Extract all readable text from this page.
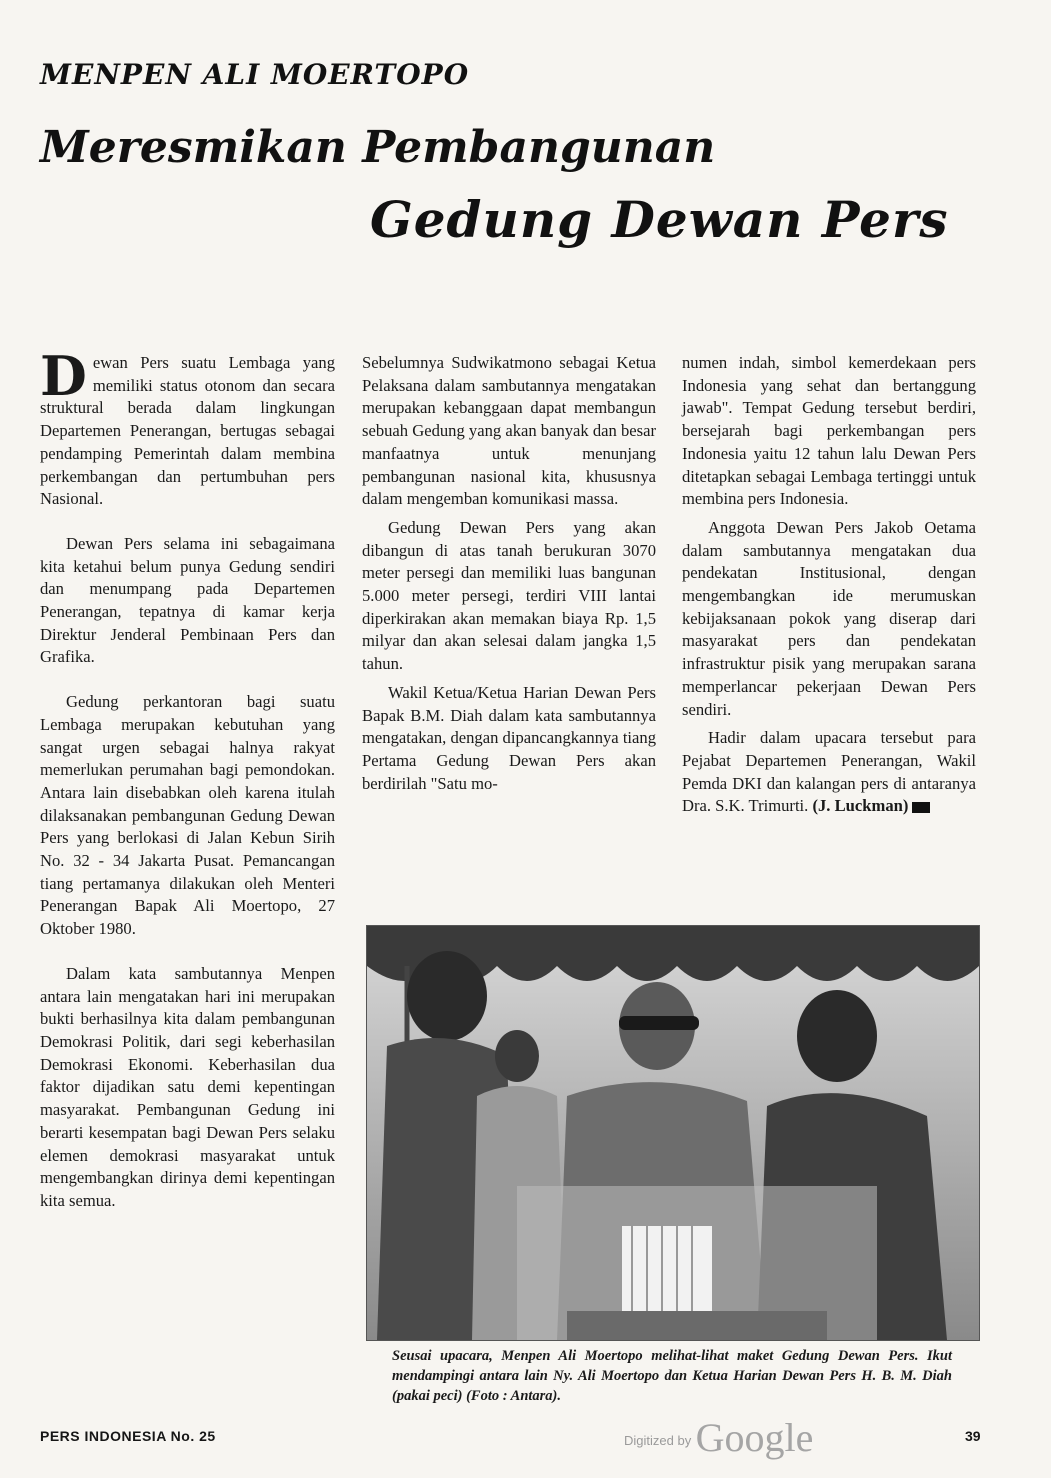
MENPEN ALI MOERTOPO
Meresmikan Pembangunan
Gedung Dewan Pers

Dewan Pers suatu Lembaga yang memiliki status otonom dan secara struktural berada dalam lingkungan Departemen Penerangan, bertugas sebagai pendamping Pemerintah dalam membina perkembangan dan pertumbuhan pers Nasional.

Dewan Pers selama ini sebagaimana kita ketahui belum punya Gedung sendiri dan menumpang pada Departemen Penerangan, tepatnya di kamar kerja Direktur Jenderal Pembinaan Pers dan Grafika.

Gedung perkantoran bagi suatu Lembaga merupakan kebutuhan yang sangat urgen sebagai halnya rakyat memerlukan perumahan bagi pemondokan. Antara lain disebabkan oleh karena itulah dilaksanakan pembangunan Gedung Dewan Pers yang berlokasi di Jalan Kebun Sirih No. 32 - 34 Jakarta Pusat. Pemancangan tiang pertamanya dilakukan oleh Menteri Penerangan Bapak Ali Moertopo, 27 Oktober 1980.

Dalam kata sambutannya Menpen antara lain mengatakan hari ini merupakan bukti berhasilnya kita dalam pembangunan Demokrasi Politik, dari segi keberhasilan Demokrasi Ekonomi. Keberhasilan dua faktor dijadikan satu demi kepentingan masyarakat. Pembangunan Gedung ini berarti kesempatan bagi Dewan Pers selaku elemen demokrasi masyarakat untuk mengembangkan dirinya demi kepentingan kita semua.

Sebelumnya Sudwikatmono sebagai Ketua Pelaksana dalam sambutannya mengatakan merupakan kebanggaan dapat membangun sebuah Gedung yang akan banyak dan besar manfaatnya untuk menunjang pembangunan nasional kita, khususnya dalam mengemban komunikasi massa.

Gedung Dewan Pers yang akan dibangun di atas tanah berukuran 3070 meter persegi dan memiliki luas bangunan 5.000 meter persegi, terdiri VIII lantai diperkirakan akan memakan biaya Rp. 1,5 milyar dan akan selesai dalam jangka 1,5 tahun.

Wakil Ketua/Ketua Harian Dewan Pers Bapak B.M. Diah dalam kata sambutannya mengatakan, dengan dipancangkannya tiang Pertama Gedung Dewan Pers akan berdirilah "Satu mo-

numen indah, simbol kemerdekaan pers Indonesia yang sehat dan bertanggung jawab". Tempat Gedung tersebut berdiri, bersejarah bagi perkembangan pers Indonesia yaitu 12 tahun lalu Dewan Pers ditetapkan sebagai Lembaga tertinggi untuk membina pers Indonesia.

Anggota Dewan Pers Jakob Oetama dalam sambutannya mengatakan dua pendekatan Institusional, dengan mengembangkan ide merumuskan kebijaksanaan pokok yang diserap dari masyarakat pers dan pendekatan infrastruktur pisik yang merupakan sarana memperlancar pekerjaan Dewan Pers sendiri.

Hadir dalam upacara tersebut para Pejabat Departemen Penerangan, Wakil Pemda DKI dan kalangan pers di antaranya Dra. S.K. Trimurti. (J. Luckman)

Seusai upacara, Menpen Ali Moertopo melihat-lihat maket Gedung Dewan Pers. Ikut mendampingi antara lain Ny. Ali Moertopo dan Ketua Harian Dewan Pers H. B. M. Diah (pakai peci) (Foto : Antara).
PERS INDONESIA No. 25	39
$^{Digitized by}$ Google
